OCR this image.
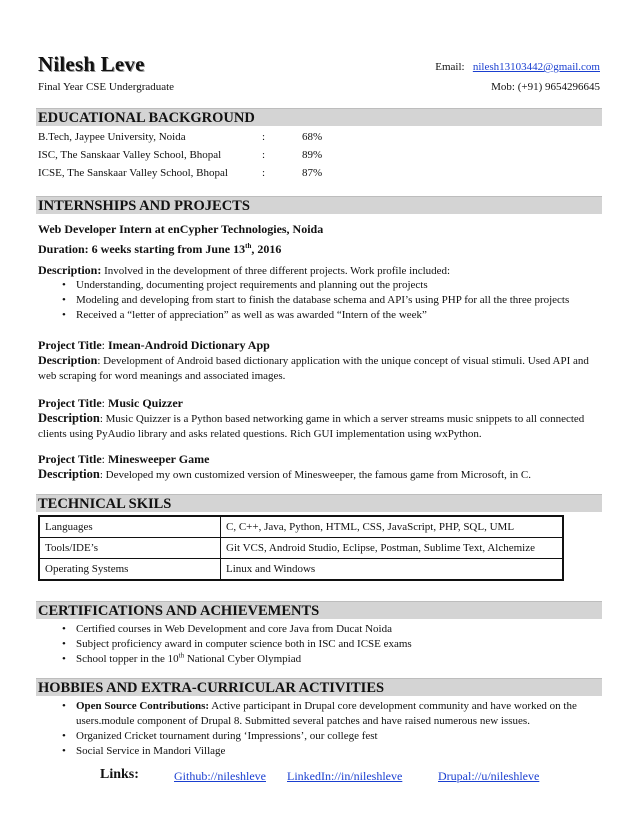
Nilesh Leve
Final Year CSE Undergraduate
Email: nilesh13103442@gmail.com
Mob: (+91) 9654296645
EDUCATIONAL BACKGROUND
B.Tech, Jaypee University, Noida	:	68%
ISC, The Sanskaar Valley School, Bhopal	:	89%
ICSE, The Sanskaar Valley School, Bhopal	:	87%
INTERNSHIPS AND PROJECTS
Web Developer Intern at enCypher Technologies, Noida
Duration: 6 weeks starting from June 13th, 2016
Description: Involved in the development of three different projects. Work profile included:
• Understanding, documenting project requirements and planning out the projects
• Modeling and developing from start to finish the database schema and API’s using PHP for all the three projects
• Received a “letter of appreciation” as well as was awarded “Intern of the week”
Project Title: Imean-Android Dictionary App
Description: Development of Android based dictionary application with the unique concept of visual stimuli. Used API and web scraping for word meanings and associated images.
Project Title: Music Quizzer
Description: Music Quizzer is a Python based networking game in which a server streams music snippets to all connected clients using PyAudio library and asks related questions. Rich GUI implementation using wxPython.
Project Title: Minesweeper Game
Description: Developed my own customized version of Minesweeper, the famous game from Microsoft, in C.
TECHNICAL SKILS
Languages	C, C++, Java, Python, HTML, CSS, JavaScript, PHP, SQL, UML
Tools/IDE’s	Git VCS, Android Studio, Eclipse, Postman, Sublime Text, Alchemize
Operating Systems	Linux and Windows
CERTIFICATIONS AND ACHIEVEMENTS
• Certified courses in Web Development and core Java from Ducat Noida
• Subject proficiency award in computer science both in ISC and ICSE exams
• School topper in the 10th National Cyber Olympiad
HOBBIES AND EXTRA-CURRICULAR ACTIVITIES
• Open Source Contributions: Active participant in Drupal core development community and have worked on the users.module component of Drupal 8. Submitted several patches and have raised numerous new issues.
• Organized Cricket tournament during ‘Impressions’, our college fest
• Social Service in Mandori Village
Links:	Github://nileshleve LinkedIn://in/nileshleve	Drupal://u/nileshleve
